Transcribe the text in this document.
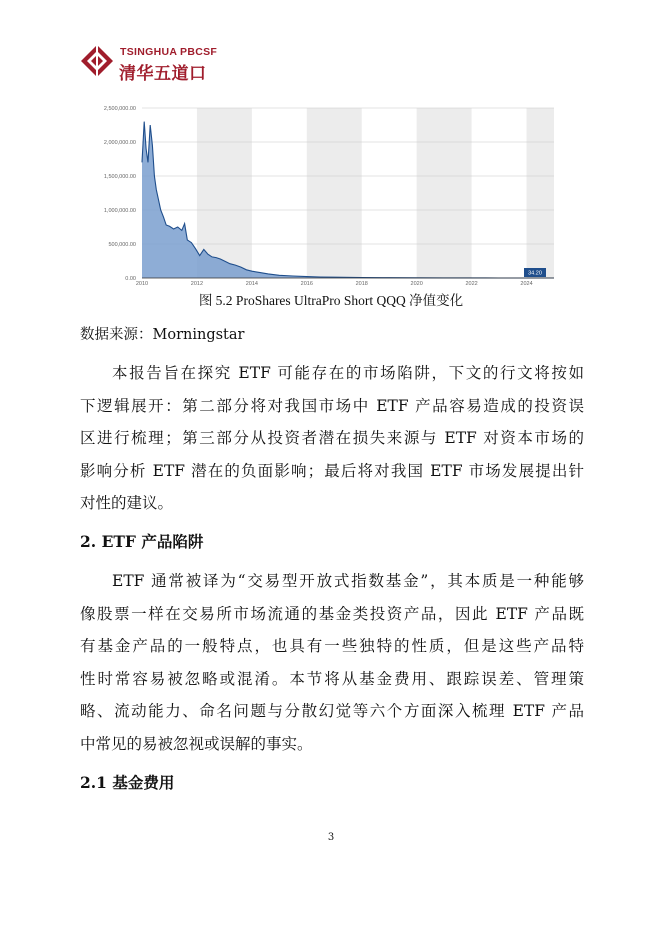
TSINGHUA PBCSF
清华五道口
0.00
500,000.00
1,000,000.00
1,500,000.00
2,000,000.00
2,500,000.00
2010	2012	2014	2016	2018	2020	2022	2024
34.20
图 5.2 ProShares UltraPro Short QQQ 净值变化
数据来源：Morningstar
本报告旨在探究 ETF 可能存在的市场陷阱，下文的行文将按如
下逻辑展开：第二部分将对我国市场中 ETF 产品容易造成的投资误
区进行梳理；第三部分从投资者潜在损失来源与 ETF 对资本市场的
影响分析 ETF 潜在的负面影响；最后将对我国 ETF 市场发展提出针
对性的建议。
2. ETF 产品陷阱
ETF 通常被译为“交易型开放式指数基金”，其本质是一种能够
像股票一样在交易所市场流通的基金类投资产品，因此 ETF 产品既
有基金产品的一般特点，也具有一些独特的性质，但是这些产品特
性时常容易被忽略或混淆。本节将从基金费用、跟踪误差、管理策
略、流动能力、命名问题与分散幻觉等六个方面深入梳理 ETF 产品
中常见的易被忽视或误解的事实。
2.1 基金费用
3
